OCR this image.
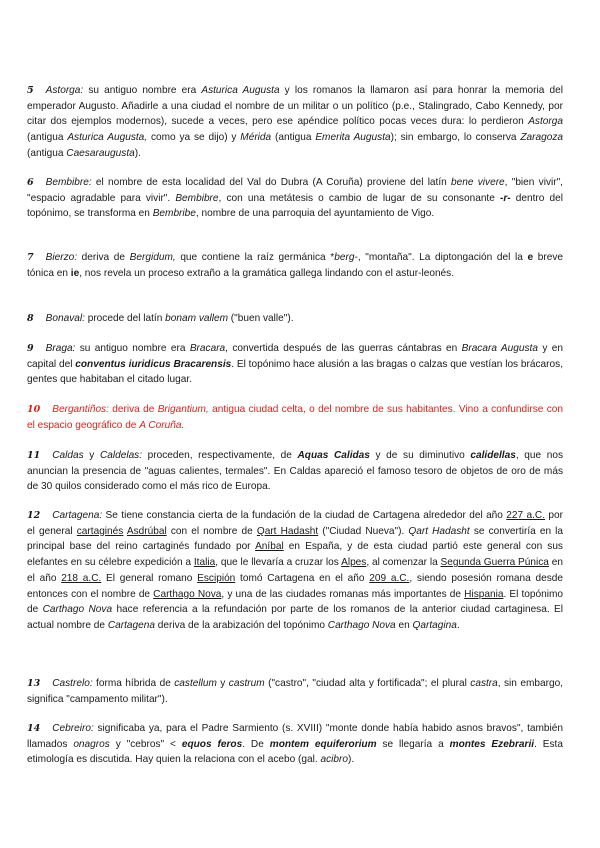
5 Astorga: su antiguo nombre era Asturica Augusta y los romanos la llamaron así para honrar la memoria del emperador Augusto. Añadirle a una ciudad el nombre de un militar o un político (p.e., Stalingrado, Cabo Kennedy, por citar dos ejemplos modernos), sucede a veces, pero ese apéndice político pocas veces dura: lo perdieron Astorga (antigua Asturica Augusta, como ya se dijo) y Mérida (antigua Emerita Augusta); sin embargo, lo conserva Zaragoza (antigua Caesaraugusta).

6 Bembibre: el nombre de esta localidad del Val do Dubra (A Coruña) proviene del latín bene vivere, "bien vivir", "espacio agradable para vivir". Bembibre, con una metátesis o cambio de lugar de su consonante -r- dentro del topónimo, se transforma en Bembribe, nombre de una parroquia del ayuntamiento de Vigo.

7 Bierzo: deriva de Bergidum, que contiene la raíz germánica *berg-, "montaña". La diptongación del la e breve tónica en ie, nos revela un proceso extraño a la gramática gallega lindando con el astur-leonés.

8 Bonaval: procede del latín bonam vallem ("buen valle").

9 Braga: su antiguo nombre era Bracara, convertida después de las guerras cántabras en Bracara Augusta y en capital del conventus iuridicus Bracarensis. El topónimo hace alusión a las bragas o calzas que vestían los brácaros, gentes que habitaban el citado lugar.

10 Bergantiños: deriva de Brigantium, antigua ciudad celta, o del nombre de sus habitantes. Vino a confundirse con el espacio geográfico de A Coruña.

11 Caldas y Caldelas: proceden, respectivamente, de Aquas Calidas y de su diminutivo calidellas, que nos anuncian la presencia de "aguas calientes, termales". En Caldas apareció el famoso tesoro de objetos de oro de más de 30 quilos considerado como el más rico de Europa.

12 Cartagena: Se tiene constancia cierta de la fundación de la ciudad de Cartagena alrededor del año 227 a.C. por el general cartaginés Asdrúbal con el nombre de Qart Hadasht ("Ciudad Nueva"). Qart Hadasht se convertiría en la principal base del reino cartaginés fundado por Aníbal en España, y de esta ciudad partió este general con sus elefantes en su célebre expedición a Italia, que le llevaría a cruzar los Alpes, al comenzar la Segunda Guerra Púnica en el año 218 a.C. El general romano Escipión tomó Cartagena en el año 209 a.C., siendo posesión romana desde entonces con el nombre de Carthago Nova, y una de las ciudades romanas más importantes de Hispania. El topónimo de Carthago Nova hace referencia a la refundación por parte de los romanos de la anterior ciudad cartaginesa. El actual nombre de Cartagena deriva de la arabización del topónimo Carthago Nova en Qartagina.

13 Castrelo: forma híbrida de castellum y castrum ("castro", "ciudad alta y fortificada"; el plural castra, sin embargo, significa "campamento militar").

14 Cebreiro: significaba ya, para el Padre Sarmiento (s. XVIII) "monte donde había habido asnos bravos", también llamados onagros y "cebros" < equos feros. De montem equiferorium se llegaría a montes Ezebrarii. Esta etimología es discutida. Hay quien la relaciona con el acebo (gal. acibro).
